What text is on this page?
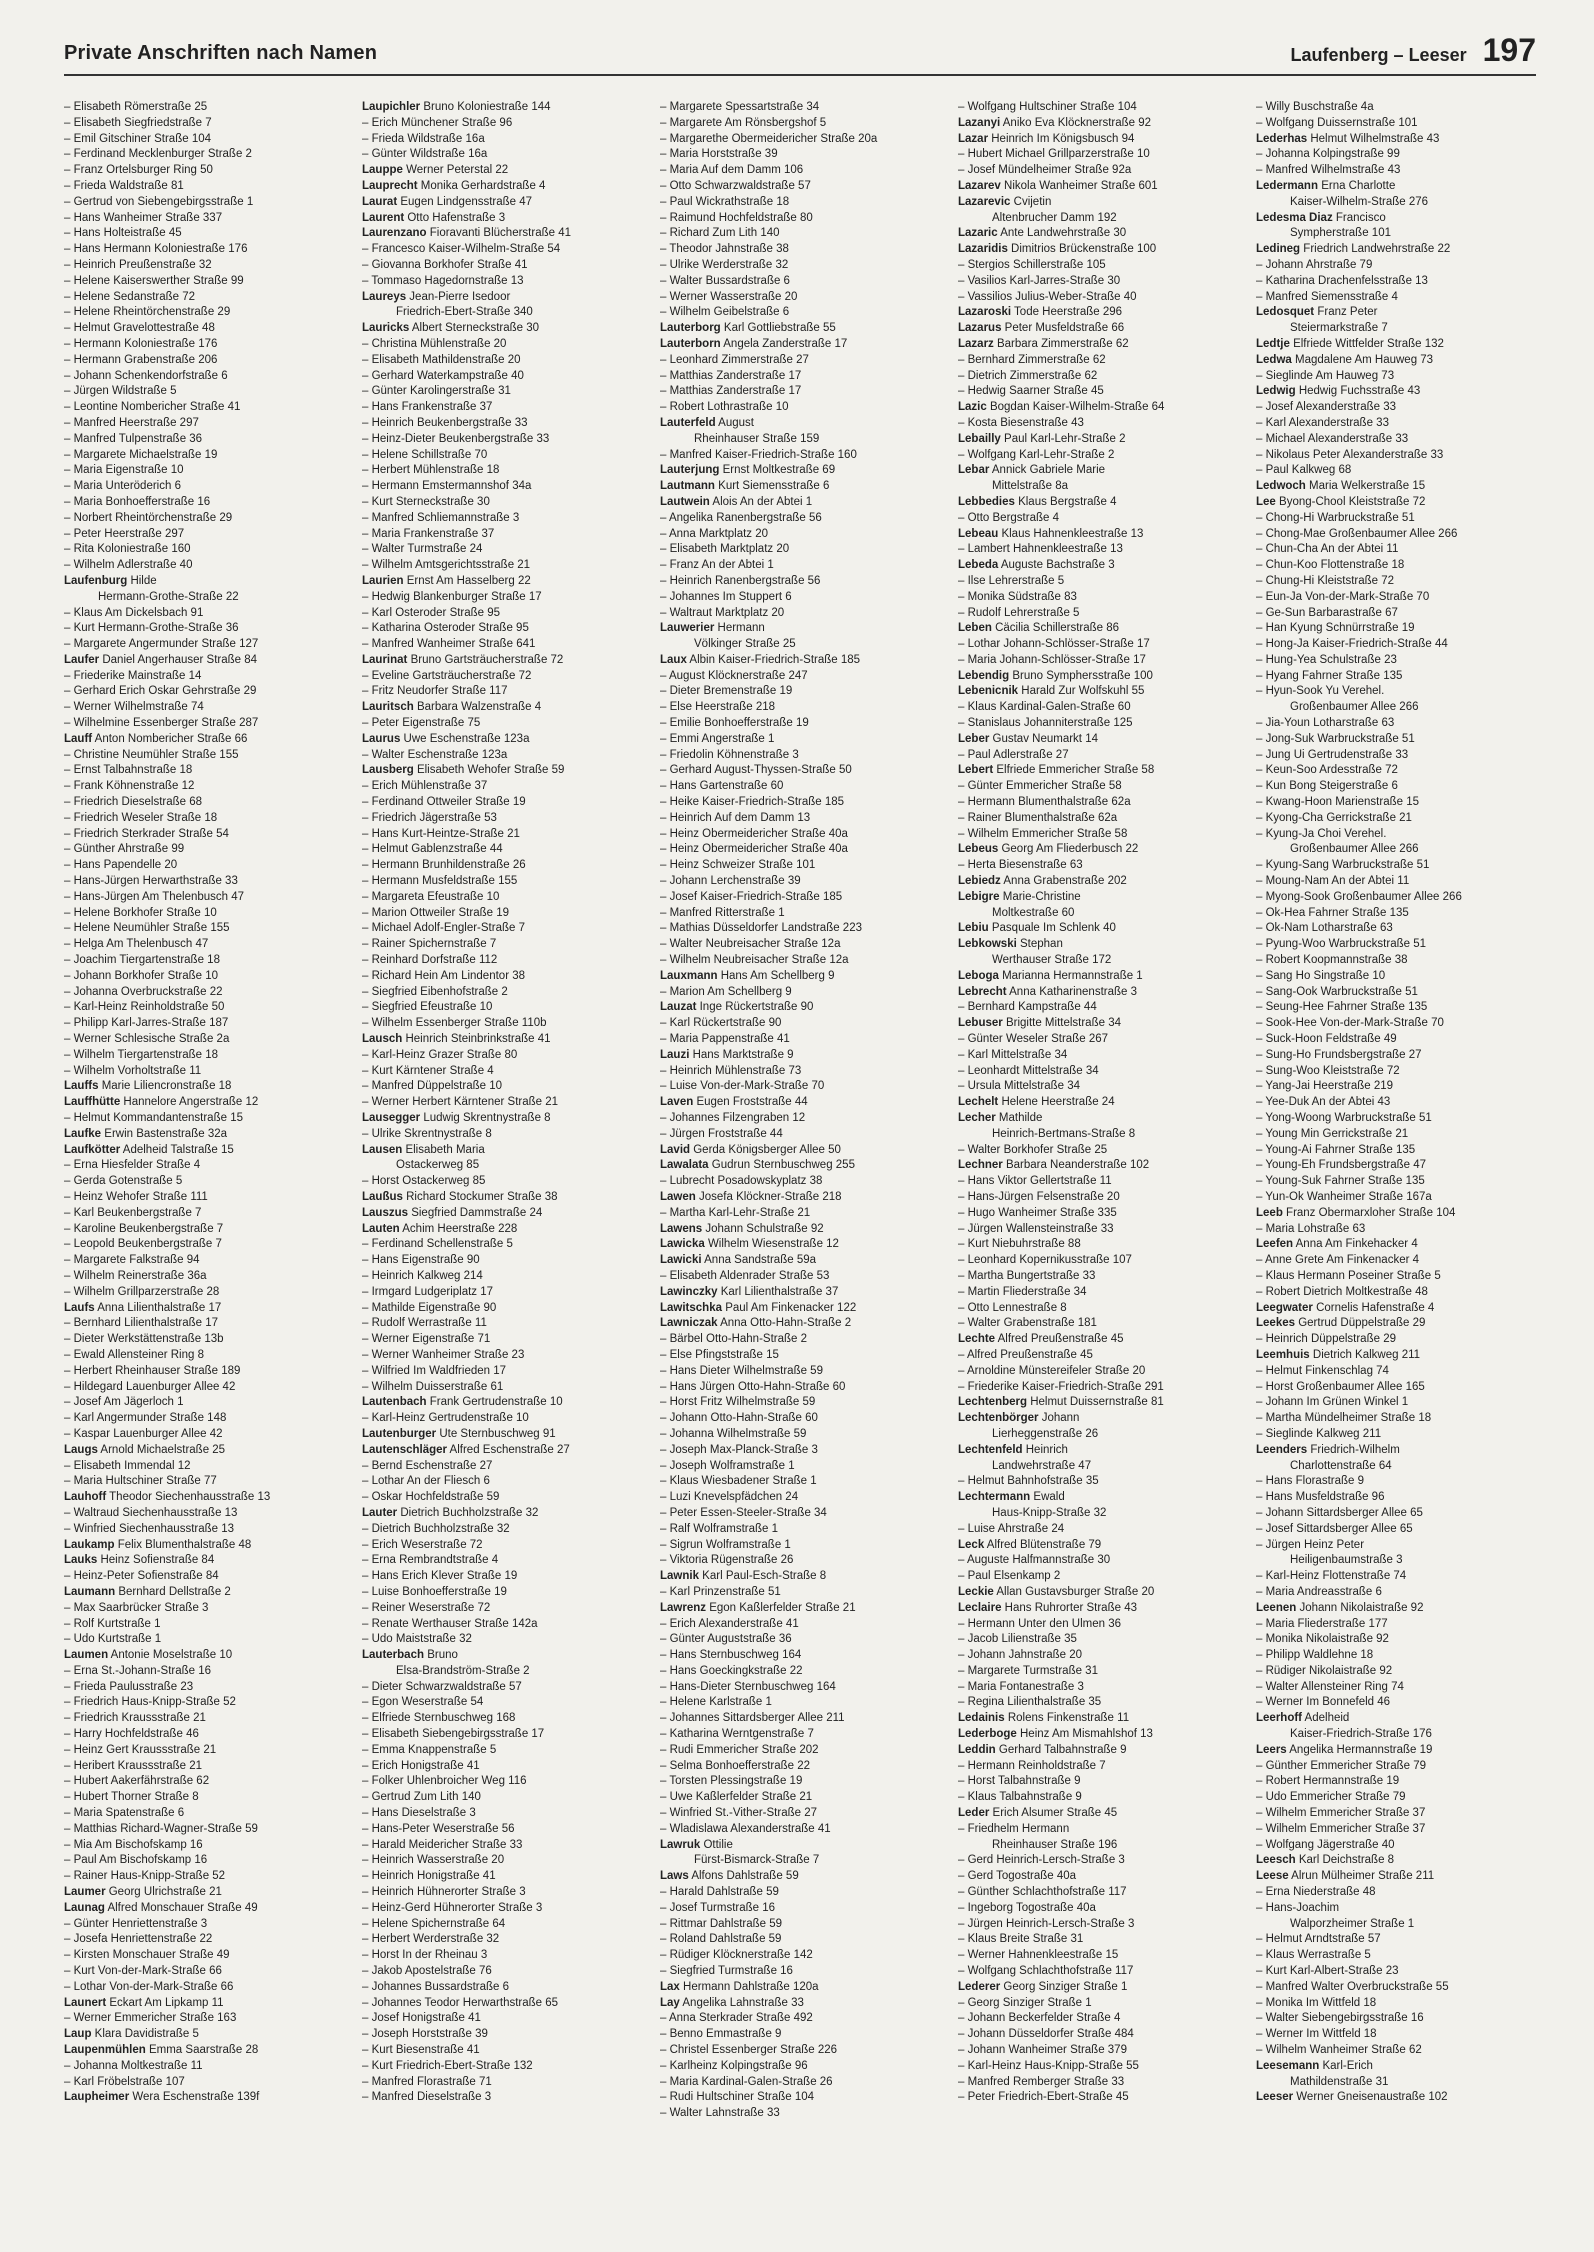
Private Anschriften nach Namen	Laufenberg – Leeser 197
– Elisabeth Römerstraße 25
– Elisabeth Siegfriedstraße 7
– Emil Gitschiner Straße 104
– Ferdinand Mecklenburger Straße 2
– Franz Ortelsburger Ring 50
– Frieda Waldstraße 81
– Gertrud von Siebengebirgsstraße 1
– Hans Wanheimer Straße 337
– Hans Holteistraße 45
– Hans Hermann Koloniestraße 176
– Heinrich Preußenstraße 32
– Helene Kaiserswerther Straße 99
– Helene Sedanstraße 72
– Helene Rheintörchenstraße 29
– Helmut Gravelottestraße 48
– Hermann Koloniestraße 176
– Hermann Grabenstraße 206
– Johann Schenkendorfstraße 6
– Jürgen Wildstraße 5
– Leontine Nombericher Straße 41
– Manfred Heerstraße 297
– Manfred Tulpenstraße 36
– Margarete Michaelstraße 19
– Maria Eigenstraße 10
– Maria Unteröderich 6
– Maria Bonhoefferstraße 16
– Norbert Rheintörchenstraße 29
– Peter Heerstraße 297
– Rita Koloniestraße 160
– Wilhelm Adlerstraße 40
Laufenburg Hilde
Hermann-Grothe-Straße 22
– Klaus Am Dickelsbach 91
– Kurt Hermann-Grothe-Straße 36
– Margarete Angermunder Straße 127
Laufer Daniel Angerhauser Straße 84
– Friederike Mainstraße 14
– Gerhard Erich Oskar Gehrstraße 29
– Werner Wilhelmstraße 74
– Wilhelmine Essenberger Straße 287
Lauff Anton Nombericher Straße 66
– Christine Neumühler Straße 155
– Ernst Talbahnstraße 18
– Frank Köhnenstraße 12
– Friedrich Dieselstraße 68
– Friedrich Weseler Straße 18
– Friedrich Sterkrader Straße 54
– Günther Ahrstraße 99
– Hans Papendelle 20
– Hans-Jürgen Herwarthstraße 33
– Hans-Jürgen Am Thelenbusch 47
– Helene Borkhofer Straße 10
– Helene Neumühler Straße 155
– Helga Am Thelenbusch 47
– Joachim Tiergartenstraße 18
– Johann Borkhofer Straße 10
– Johanna Overbruckstraße 22
– Karl-Heinz Reinholdstraße 50
– Philipp Karl-Jarres-Straße 187
– Werner Schlesische Straße 2a
– Wilhelm Tiergartenstraße 18
– Wilhelm Vorholtstraße 11
Lauffs Marie Liliencronstraße 18
Lauffhütte Hannelore Angerstraße 12
– Helmut Kommandantenstraße 15
Laufke Erwin Bastenstraße 32a
Laufkötter Adelheid Talstraße 15
– Erna Hiesfelder Straße 4
– Gerda Gotenstraße 5
– Heinz Wehofer Straße 111
– Karl Beukenbergstraße 7
– Karoline Beukenbergstraße 7
– Leopold Beukenbergstraße 7
– Margarete Falkstraße 94
– Wilhelm Reinerstraße 36a
– Wilhelm Grillparzerstraße 28
Laufs Anna Lilienthalstraße 17
– Bernhard Lilienthalstraße 17
– Dieter Werkstättenstraße 13b
– Ewald Allensteiner Ring 8
– Herbert Rheinhauser Straße 189
– Hildegard Lauenburger Allee 42
– Josef Am Jägerloch 1
– Karl Angermunder Straße 148
– Kaspar Lauenburger Allee 42
Laugs Arnold Michaelstraße 25
– Elisabeth Immendal 12
– Maria Hultschiner Straße 77
Lauhoff Theodor Siechenhausstraße 13
– Waltraud Siechenhausstraße 13
– Winfried Siechenhausstraße 13
Laukamp Felix Blumenthalstraße 48
Lauks Heinz Sofienstraße 84
– Heinz-Peter Sofienstraße 84
Laumann Bernhard Dellstraße 2
– Max Saarbrücker Straße 3
– Rolf Kurtstraße 1
– Udo Kurtstraße 1
Laumen Antonie Moselstraße 10
– Erna St.-Johann-Straße 16
– Frieda Paulusstraße 23
– Friedrich Haus-Knipp-Straße 52
– Friedrich Kraussstraße 21
– Harry Hochfeldstraße 46
– Heinz Gert Kraussstraße 21
– Heribert Kraussstraße 21
– Hubert Aakerfährstraße 62
– Hubert Thorner Straße 8
– Maria Spatenstraße 6
– Matthias Richard-Wagner-Straße 59
– Mia Am Bischofskamp 16
– Paul Am Bischofskamp 16
– Rainer Haus-Knipp-Straße 52
Laumer Georg Ulrichstraße 21
Launag Alfred Monschauer Straße 49
– Günter Henriettenstraße 3
– Josefa Henriettenstraße 22
– Kirsten Monschauer Straße 49
– Kurt Von-der-Mark-Straße 66
– Lothar Von-der-Mark-Straße 66
Launert Eckart Am Lipkamp 11
– Werner Emmericher Straße 163
Laup Klara Davidistraße 5
Laupenmühlen Emma Saarstraße 28
– Johanna Moltkestraße 11
– Karl Fröbelstraße 107
Laupheimer Wera Eschenstraße 139f
Laupichler Bruno Koloniestraße 144
– Erich Münchener Straße 96
– Frieda Wildstraße 16a
– Günter Wildstraße 16a
Lauppe Werner Peterstal 22
Lauprecht Monika Gerhardstraße 4
Laurat Eugen Lindgensstraße 47
Laurent Otto Hafenstraße 3
Laurenzano Fioravanti Blücherstraße 41
– Francesco Kaiser-Wilhelm-Straße 54
– Giovanna Borkhofer Straße 41
– Tommaso Hagedornstraße 13
Laureys Jean-Pierre Isedoor
Friedrich-Ebert-Straße 340
Lauricks Albert Sterneckstraße 30
– Christina Mühlenstraße 20
– Elisabeth Mathildenstraße 20
– Gerhard Waterkampstraße 40
– Günter Karolingerstraße 31
– Hans Frankenstraße 37
– Heinrich Beukenbergstraße 33
– Heinz-Dieter Beukenbergstraße 33
– Helene Schillstraße 70
– Herbert Mühlenstraße 18
– Hermann Emstermannshof 34a
– Kurt Sterneckstraße 30
– Manfred Schliemannstraße 3
– Maria Frankenstraße 37
– Walter Turmstraße 24
– Wilhelm Amtsgerichtsstraße 21
Laurien Ernst Am Hasselberg 22
– Hedwig Blankenburger Straße 17
– Karl Osteroder Straße 95
– Katharina Osteroder Straße 95
– Manfred Wanheimer Straße 641
Laurinat Bruno Gartsträucherstraße 72
– Eveline Gartsträucherstraße 72
– Fritz Neudorfer Straße 117
Lauritsch Barbara Walzenstraße 4
– Peter Eigenstraße 75
Laurus Uwe Eschenstraße 123a
– Walter Eschenstraße 123a
Lausberg Elisabeth Wehofer Straße 59
– Erich Mühlenstraße 37
– Ferdinand Ottweiler Straße 19
– Friedrich Jägerstraße 53
– Hans Kurt-Heintze-Straße 21
– Helmut Gablenzstraße 44
– Hermann Brunhildenstraße 26
– Hermann Musfeldstraße 155
– Margareta Efeustraße 10
– Marion Ottweiler Straße 19
– Michael Adolf-Engler-Straße 7
– Rainer Spichernstraße 7
– Reinhard Dorfstraße 112
– Richard Hein Am Lindentor 38
– Siegfried Eibenhofstraße 2
– Siegfried Efeustraße 10
– Wilhelm Essenberger Straße 110b
Lausch Heinrich Steinbrinkstraße 41
– Karl-Heinz Grazer Straße 80
– Kurt Kärntener Straße 4
– Manfred Düppelstraße 10
– Werner Herbert Kärntener Straße 21
Lausegger Ludwig Skrentnystraße 8
– Ulrike Skrentnystraße 8
Lausen Elisabeth Maria
Ostackerweg 85
– Horst Ostackerweg 85
Laußus Richard Stockumer Straße 38
Lauszus Siegfried Dammstraße 24
Lauten Achim Heerstraße 228
– Ferdinand Schellenstraße 5
– Hans Eigenstraße 90
– Heinrich Kalkweg 214
– Irmgard Ludgeriplatz 17
– Mathilde Eigenstraße 90
– Rudolf Werrastraße 11
– Werner Eigenstraße 71
– Werner Wanheimer Straße 23
– Wilfried Im Waldfrieden 17
– Wilhelm Duisserstraße 61
Lautenbach Frank Gertrudenstraße 10
– Karl-Heinz Gertrudenstraße 10
Lautenburger Ute Sternbuschweg 91
Lautenschläger Alfred Eschenstraße 27
– Bernd Eschenstraße 27
– Lothar An der Fliesch 6
– Oskar Hochfeldstraße 59
Lauter Dietrich Buchholzstraße 32
– Dietrich Buchholzstraße 32
– Erich Weserstraße 72
– Erna Rembrandtstraße 4
– Hans Erich Klever Straße 19
– Luise Bonhoefferstraße 19
– Reiner Weserstraße 72
– Renate Werthauser Straße 142a
– Udo Maiststraße 32
Lauterbach Bruno
Elsa-Brandström-Straße 2
– Dieter Schwarzwaldstraße 57
– Egon Weserstraße 54
– Elfriede Sternbuschweg 168
– Elisabeth Siebengebirgsstraße 17
– Emma Knappenstraße 5
– Erich Honigstraße 41
– Folker Uhlenbroicher Weg 116
– Gertrud Zum Lith 140
– Hans Dieselstraße 3
– Hans-Peter Weserstraße 56
– Harald Meidericher Straße 33
– Heinrich Wasserstraße 20
– Heinrich Honigstraße 41
– Heinrich Hühnerorter Straße 3
– Heinz-Gerd Hühnerorter Straße 3
– Helene Spichernstraße 64
– Herbert Werderstraße 32
– Horst In der Rheinau 3
– Jakob Apostelstraße 76
– Johannes Bussardstraße 6
– Johannes Teodor Herwarthstraße 65
– Josef Honigstraße 41
– Joseph Horststraße 39
– Kurt Biesenstraße 41
– Kurt Friedrich-Ebert-Straße 132
– Manfred Florastraße 71
– Manfred Dieselstraße 3
– Margarete Spessartstraße 34
– Margarete Am Rönsbergshof 5
– Margarethe Obermeidericher Straße 20a
– Maria Horststraße 39
– Maria Auf dem Damm 106
– Otto Schwarzwaldstraße 57
– Paul Wickrathstraße 18
– Raimund Hochfeldstraße 80
– Richard Zum Lith 140
– Theodor Jahnstraße 38
– Ulrike Werderstraße 32
– Walter Bussardstraße 6
– Werner Wasserstraße 20
– Wilhelm Geibelstraße 6
Lauterborg Karl Gottliebstraße 55
Lauterborn Angela Zanderstraße 17
– Leonhard Zimmerstraße 27
– Matthias Zanderstraße 17
– Matthias Zanderstraße 17
– Robert Lothrastraße 10
Lauterfeld August
Rheinhauser Straße 159
– Manfred Kaiser-Friedrich-Straße 160
Lauterjung Ernst Moltkestraße 69
Lautmann Kurt Siemensstraße 6
Lautwein Alois An der Abtei 1
– Angelika Ranenbergstraße 56
– Anna Marktplatz 20
– Elisabeth Marktplatz 20
– Franz An der Abtei 1
– Heinrich Ranenbergstraße 56
– Johannes Im Stuppert 6
– Waltraut Marktplatz 20
Lauwerier Hermann
Völkinger Straße 25
Laux Albin Kaiser-Friedrich-Straße 185
– August Klöcknerstraße 247
– Dieter Bremenstraße 19
– Else Heerstraße 218
– Emilie Bonhoefferstraße 19
– Emmi Angerstraße 1
– Friedolin Köhnenstraße 3
– Gerhard August-Thyssen-Straße 50
– Hans Gartenstraße 60
– Heike Kaiser-Friedrich-Straße 185
– Heinrich Auf dem Damm 13
– Heinz Obermeidericher Straße 40a
– Heinz Obermeidericher Straße 40a
– Heinz Schweizer Straße 101
– Johann Lerchenstraße 39
– Josef Kaiser-Friedrich-Straße 185
– Manfred Ritterstraße 1
– Mathias Düsseldorfer Landstraße 223
– Walter Neubreisacher Straße 12a
– Wilhelm Neubreisacher Straße 12a
Lauxmann Hans Am Schellberg 9
– Marion Am Schellberg 9
Lauzat Inge Rückertstraße 90
– Karl Rückertstraße 90
– Maria Pappenstraße 41
Lauzi Hans Marktstraße 9
– Heinrich Mühlenstraße 73
– Luise Von-der-Mark-Straße 70
Laven Eugen Froststraße 44
– Johannes Filzengraben 12
– Jürgen Froststraße 44
Lavid Gerda Königsberger Allee 50
Lawalata Gudrun Sternbuschweg 255
– Lubrecht Posadowskyplatz 38
Lawen Josefa Klöckner-Straße 218
– Martha Karl-Lehr-Straße 21
Lawens Johann Schulstraße 92
Lawicka Wilhelm Wiesenstraße 12
Lawicki Anna Sandstraße 59a
– Elisabeth Aldenrader Straße 53
Lawinczky Karl Lilienthalstraße 37
Lawitschka Paul Am Finkenacker 122
Lawniczak Anna Otto-Hahn-Straße 2
– Bärbel Otto-Hahn-Straße 2
– Else Pfingststraße 15
– Hans Dieter Wilhelmstraße 59
– Hans Jürgen Otto-Hahn-Straße 60
– Horst Fritz Wilhelmstraße 59
– Johann Otto-Hahn-Straße 60
– Johanna Wilhelmstraße 59
– Joseph Max-Planck-Straße 3
– Joseph Wolframstraße 1
– Klaus Wiesbadener Straße 1
– Luzi Knevelspfädchen 24
– Peter Essen-Steeler-Straße 34
– Ralf Wolframstraße 1
– Sigrun Wolframstraße 1
– Viktoria Rügenstraße 26
Lawnik Karl Paul-Esch-Straße 8
– Karl Prinzenstraße 51
Lawrenz Egon Kaßlerfelder Straße 21
– Erich Alexanderstraße 41
– Günter Auguststraße 36
– Hans Sternbuschweg 164
– Hans Goeckingkstraße 22
– Hans-Dieter Sternbuschweg 164
– Helene Karlstraße 1
– Johannes Sittardsberger Allee 211
– Katharina Werntgenstraße 7
– Rudi Emmericher Straße 202
– Selma Bonhoefferstraße 22
– Torsten Plessingstraße 19
– Uwe Kaßlerfelder Straße 21
– Winfried St.-Vither-Straße 27
– Wladislawa Alexanderstraße 41
Lawruk Ottilie
Fürst-Bismarck-Straße 7
Laws Alfons Dahlstraße 59
– Harald Dahlstraße 59
– Josef Turmstraße 16
– Rittmar Dahlstraße 59
– Roland Dahlstraße 59
– Rüdiger Klöcknerstraße 142
– Siegfried Turmstraße 16
Lax Hermann Dahlstraße 120a
Lay Angelika Lahnstraße 33
– Anna Sterkrader Straße 492
– Benno Emmastraße 9
– Christel Essenberger Straße 226
– Karlheinz Kolpingstraße 96
– Maria Kardinal-Galen-Straße 26
– Rudi Hultschiner Straße 104
– Walter Lahnstraße 33
– Wolfgang Hultschiner Straße 104
Lazanyi Aniko Eva Klöcknerstraße 92
Lazar Heinrich Im Königsbusch 94
– Hubert Michael Grillparzerstraße 10
– Josef Mündelheimer Straße 92a
Lazarev Nikola Wanheimer Straße 601
Lazarevic Cvijetin
Altenbrucher Damm 192
Lazaric Ante Landwehrstraße 30
Lazaridis Dimitrios Brückenstraße 100
– Stergios Schillerstraße 105
– Vasilios Karl-Jarres-Straße 30
– Vassilios Julius-Weber-Straße 40
Lazaroski Tode Heerstraße 296
Lazarus Peter Musfeldstraße 66
Lazarz Barbara Zimmerstraße 62
– Bernhard Zimmerstraße 62
– Dietrich Zimmerstraße 62
– Hedwig Saarner Straße 45
Lazic Bogdan Kaiser-Wilhelm-Straße 64
– Kosta Biesenstraße 43
Lebailly Paul Karl-Lehr-Straße 2
– Wolfgang Karl-Lehr-Straße 2
Lebar Annick Gabriele Marie
Mittelstraße 8a
Lebbedies Klaus Bergstraße 4
– Otto Bergstraße 4
Lebeau Klaus Hahnenkleestraße 13
– Lambert Hahnenkleestraße 13
Lebeda Auguste Bachstraße 3
– Ilse Lehrerstraße 5
– Monika Südstraße 83
– Rudolf Lehrerstraße 5
Leben Cäcilia Schillerstraße 86
– Lothar Johann-Schlösser-Straße 17
– Maria Johann-Schlösser-Straße 17
Lebendig Bruno Symphersstraße 100
Lebenicnik Harald Zur Wolfskuhl 55
– Klaus Kardinal-Galen-Straße 60
– Stanislaus Johanniterstraße 125
Leber Gustav Neumarkt 14
– Paul Adlerstraße 27
Lebert Elfriede Emmericher Straße 58
– Günter Emmericher Straße 58
– Hermann Blumenthalstraße 62a
– Rainer Blumenthalstraße 62a
– Wilhelm Emmericher Straße 58
Lebeus Georg Am Fliederbusch 22
– Herta Biesenstraße 63
Lebiedz Anna Grabenstraße 202
Lebigre Marie-Christine
Moltkestraße 60
Lebiu Pasquale Im Schlenk 40
Lebkowski Stephan
Werthauser Straße 172
Leboga Marianna Hermannstraße 1
Lebrecht Anna Katharinenstraße 3
– Bernhard Kampstraße 44
Lebuser Brigitte Mittelstraße 34
– Günter Weseler Straße 267
– Karl Mittelstraße 34
– Leonhardt Mittelstraße 34
– Ursula Mittelstraße 34
Lechelt Helene Heerstraße 24
Lecher Mathilde
Heinrich-Bertmans-Straße 8
– Walter Borkhofer Straße 25
Lechner Barbara Neanderstraße 102
– Hans Viktor Gellertstraße 11
– Hans-Jürgen Felsenstraße 20
– Hugo Wanheimer Straße 335
– Jürgen Wallensteinstraße 33
– Kurt Niebuhrstraße 88
– Leonhard Kopernikusstraße 107
– Martha Bungertstraße 33
– Martin Fliederstraße 34
– Otto Lennestraße 8
– Walter Grabenstraße 181
Lechte Alfred Preußenstraße 45
– Alfred Preußenstraße 45
– Arnoldine Münstereifeler Straße 20
– Friederike Kaiser-Friedrich-Straße 291
Lechtenberg Helmut Duissernstraße 81
Lechtenbörger Johann
Lierheggenstraße 26
Lechtenfeld Heinrich
Landwehrstraße 47
– Helmut Bahnhofstraße 35
Lechtermann Ewald
Haus-Knipp-Straße 32
– Luise Ahrstraße 24
Leck Alfred Blütenstraße 79
– Auguste Halfmannstraße 30
– Paul Elsenkamp 2
Leckie Allan Gustavsburger Straße 20
Leclaire Hans Ruhrorter Straße 43
– Hermann Unter den Ulmen 36
– Jacob Lilienstraße 35
– Johann Jahnstraße 20
– Margarete Turmstraße 31
– Maria Fontanestraße 3
– Regina Lilienthalstraße 35
Ledainis Rolens Finkenstraße 11
Lederboge Heinz Am Mismahlshof 13
Leddin Gerhard Talbahnstraße 9
– Hermann Reinholdstraße 7
– Horst Talbahnstraße 9
– Klaus Talbahnstraße 9
Leder Erich Alsumer Straße 45
– Friedhelm Hermann
Rheinhauser Straße 196
– Gerd Heinrich-Lersch-Straße 3
– Gerd Togostraße 40a
– Günther Schlachthofstraße 117
– Ingeborg Togostraße 40a
– Jürgen Heinrich-Lersch-Straße 3
– Klaus Breite Straße 31
– Werner Hahnenkleestraße 15
– Wolfgang Schlachthofstraße 117
Lederer Georg Sinziger Straße 1
– Georg Sinziger Straße 1
– Johann Beckerfelder Straße 4
– Johann Düsseldorfer Straße 484
– Johann Wanheimer Straße 379
– Karl-Heinz Haus-Knipp-Straße 55
– Manfred Remberger Straße 33
– Peter Friedrich-Ebert-Straße 45
– Willy Buschstraße 4a
– Wolfgang Duissernstraße 101
Lederhas Helmut Wilhelmstraße 43
– Johanna Kolpingstraße 99
– Manfred Wilhelmstraße 43
Ledermann Erna Charlotte
Kaiser-Wilhelm-Straße 276
Ledesma Diaz Francisco
Sympherstraße 101
Ledineg Friedrich Landwehrstraße 22
– Johann Ahrstraße 79
– Katharina Drachenfelsstraße 13
– Manfred Siemensstraße 4
Ledosquet Franz Peter
Steiermarkstraße 7
Ledtje Elfriede Wittfelder Straße 132
Ledwa Magdalene Am Hauweg 73
– Sieglinde Am Hauweg 73
Ledwig Hedwig Fuchsstraße 43
– Josef Alexanderstraße 33
– Karl Alexanderstraße 33
– Michael Alexanderstraße 33
– Nikolaus Peter Alexanderstraße 33
– Paul Kalkweg 68
Ledwoch Maria Welkerstraße 15
Lee Byong-Chool Kleiststraße 72
– Chong-Hi Warbruckstraße 51
– Chong-Mae Großenbaumer Allee 266
– Chun-Cha An der Abtei 11
– Chun-Koo Flottenstraße 18
– Chung-Hi Kleiststraße 72
– Eun-Ja Von-der-Mark-Straße 70
– Ge-Sun Barbarastraße 67
– Han Kyung Schnürrstraße 19
– Hong-Ja Kaiser-Friedrich-Straße 44
– Hung-Yea Schulstraße 23
– Hyang Fahrner Straße 135
– Hyun-Sook Yu Verehel.
Großenbaumer Allee 266
– Jia-Youn Lotharstraße 63
– Jong-Suk Warbruckstraße 51
– Jung Ui Gertrudenstraße 33
– Keun-Soo Ardesstraße 72
– Kun Bong Steigerstraße 6
– Kwang-Hoon Marienstraße 15
– Kyong-Cha Gerrickstraße 21
– Kyung-Ja Choi Verehel.
Großenbaumer Allee 266
– Kyung-Sang Warbruckstraße 51
– Moung-Nam An der Abtei 11
– Myong-Sook Großenbaumer Allee 266
– Ok-Hea Fahrner Straße 135
– Ok-Nam Lotharstraße 63
– Pyung-Woo Warbruckstraße 51
– Robert Koopmannstraße 38
– Sang Ho Singstraße 10
– Sang-Ook Warbruckstraße 51
– Seung-Hee Fahrner Straße 135
– Sook-Hee Von-der-Mark-Straße 70
– Suck-Hoon Feldstraße 49
– Sung-Ho Frundsbergstraße 27
– Sung-Woo Kleiststraße 72
– Yang-Jai Heerstraße 219
– Yee-Duk An der Abtei 43
– Yong-Woong Warbruckstraße 51
– Young Min Gerrickstraße 21
– Young-Ai Fahrner Straße 135
– Young-Eh Frundsbergstraße 47
– Young-Suk Fahrner Straße 135
– Yun-Ok Wanheimer Straße 167a
Leeb Franz Obermarxloher Straße 104
– Maria Lohstraße 63
Leefen Anna Am Finkehacker 4
– Anne Grete Am Finkenacker 4
– Klaus Hermann Poseiner Straße 5
– Robert Dietrich Moltkestraße 48
Leegwater Cornelis Hafenstraße 4
Leekes Gertrud Düppelstraße 29
– Heinrich Düppelstraße 29
Leemhuis Dietrich Kalkweg 211
– Helmut Finkenschlag 74
– Horst Großenbaumer Allee 165
– Johann Im Grünen Winkel 1
– Martha Mündelheimer Straße 18
– Sieglinde Kalkweg 211
Leenders Friedrich-Wilhelm
Charlottenstraße 64
– Hans Florastraße 9
– Hans Musfeldstraße 96
– Johann Sittardsberger Allee 65
– Josef Sittardsberger Allee 65
– Jürgen Heinz Peter
Heiligenbaumstraße 3
– Karl-Heinz Flottenstraße 74
– Maria Andreasstraße 6
Leenen Johann Nikolaistraße 92
– Maria Fliederstraße 177
– Monika Nikolaistraße 92
– Philipp Waldlehne 18
– Rüdiger Nikolaistraße 92
– Walter Allensteiner Ring 74
– Werner Im Bonnefeld 46
Leerhoff Adelheid
Kaiser-Friedrich-Straße 176
Leers Angelika Hermannstraße 19
– Günther Emmericher Straße 79
– Robert Hermannstraße 19
– Udo Emmericher Straße 79
– Wilhelm Emmericher Straße 37
– Wilhelm Emmericher Straße 37
– Wolfgang Jägerstraße 40
Leesch Karl Deichstraße 8
Leese Alrun Mülheimer Straße 211
– Erna Niederstraße 48
– Hans-Joachim
Walporzheimer Straße 1
– Helmut Arndtstraße 57
– Klaus Werrastraße 5
– Kurt Karl-Albert-Straße 23
– Manfred Walter Overbruckstraße 55
– Monika Im Wittfeld 18
– Walter Siebengebirgsstraße 16
– Werner Im Wittfeld 18
– Wilhelm Wanheimer Straße 62
Leesemann Karl-Erich
Mathildenstraße 31
Leeser Werner Gneisenaustraße 102
